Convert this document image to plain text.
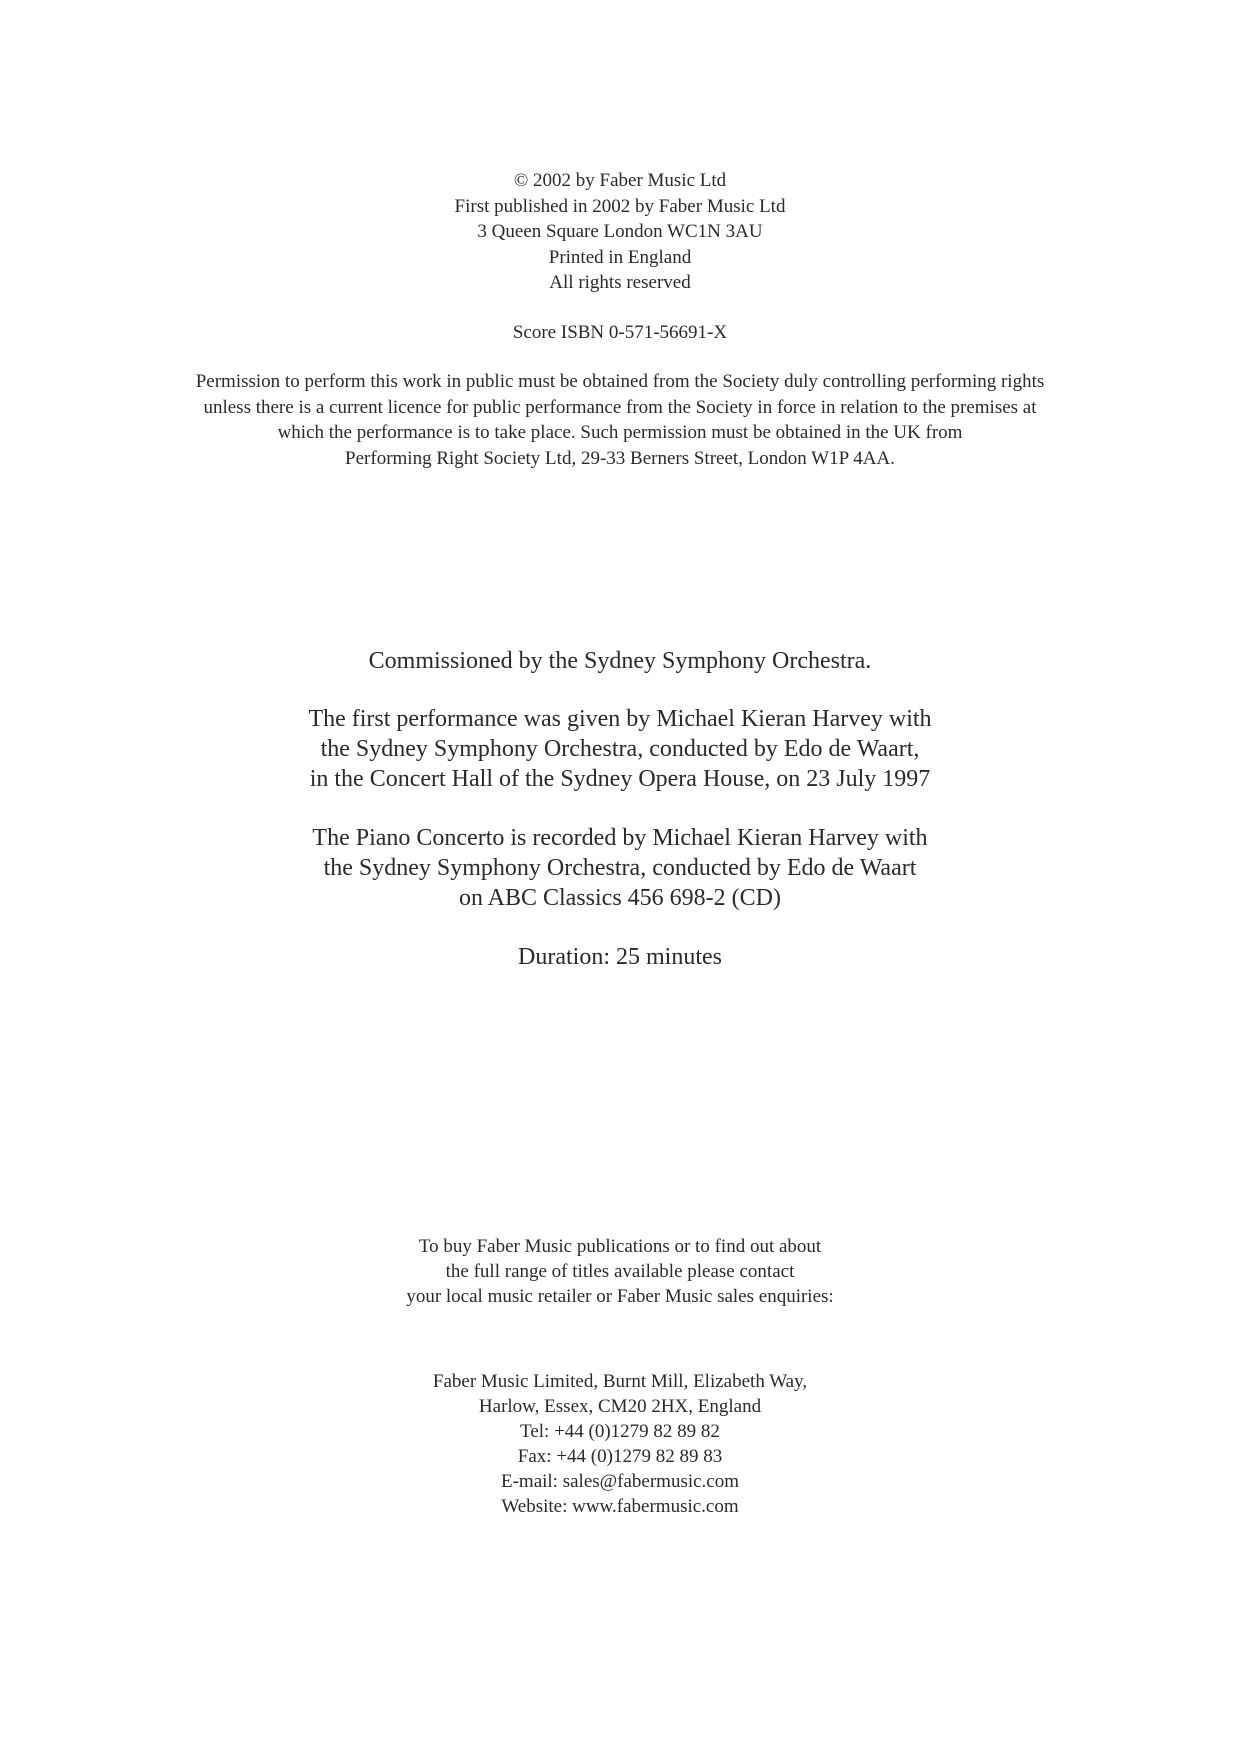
© 2002 by Faber Music Ltd
First published in 2002 by Faber Music Ltd
3 Queen Square London WC1N 3AU
Printed in England
All rights reserved
Score ISBN 0-571-56691-X
Permission to perform this work in public must be obtained from the Society duly controlling performing rights
unless there is a current licence for public performance from the Society in force in relation to the premises at
which the performance is to take place. Such permission must be obtained in the UK from
Performing Right Society Ltd, 29-33 Berners Street, London W1P 4AA.
Commissioned by the Sydney Symphony Orchestra.
The first performance was given by Michael Kieran Harvey with
the Sydney Symphony Orchestra, conducted by Edo de Waart,
in the Concert Hall of the Sydney Opera House, on 23 July 1997
The Piano Concerto is recorded by Michael Kieran Harvey with
the Sydney Symphony Orchestra, conducted by Edo de Waart
on ABC Classics 456 698-2 (CD)
Duration: 25 minutes
To buy Faber Music publications or to find out about
the full range of titles available please contact
your local music retailer or Faber Music sales enquiries:
Faber Music Limited, Burnt Mill, Elizabeth Way,
Harlow, Essex, CM20 2HX, England
Tel: +44 (0)1279 82 89 82
Fax: +44 (0)1279 82 89 83
E-mail: sales@fabermusic.com
Website: www.fabermusic.com
